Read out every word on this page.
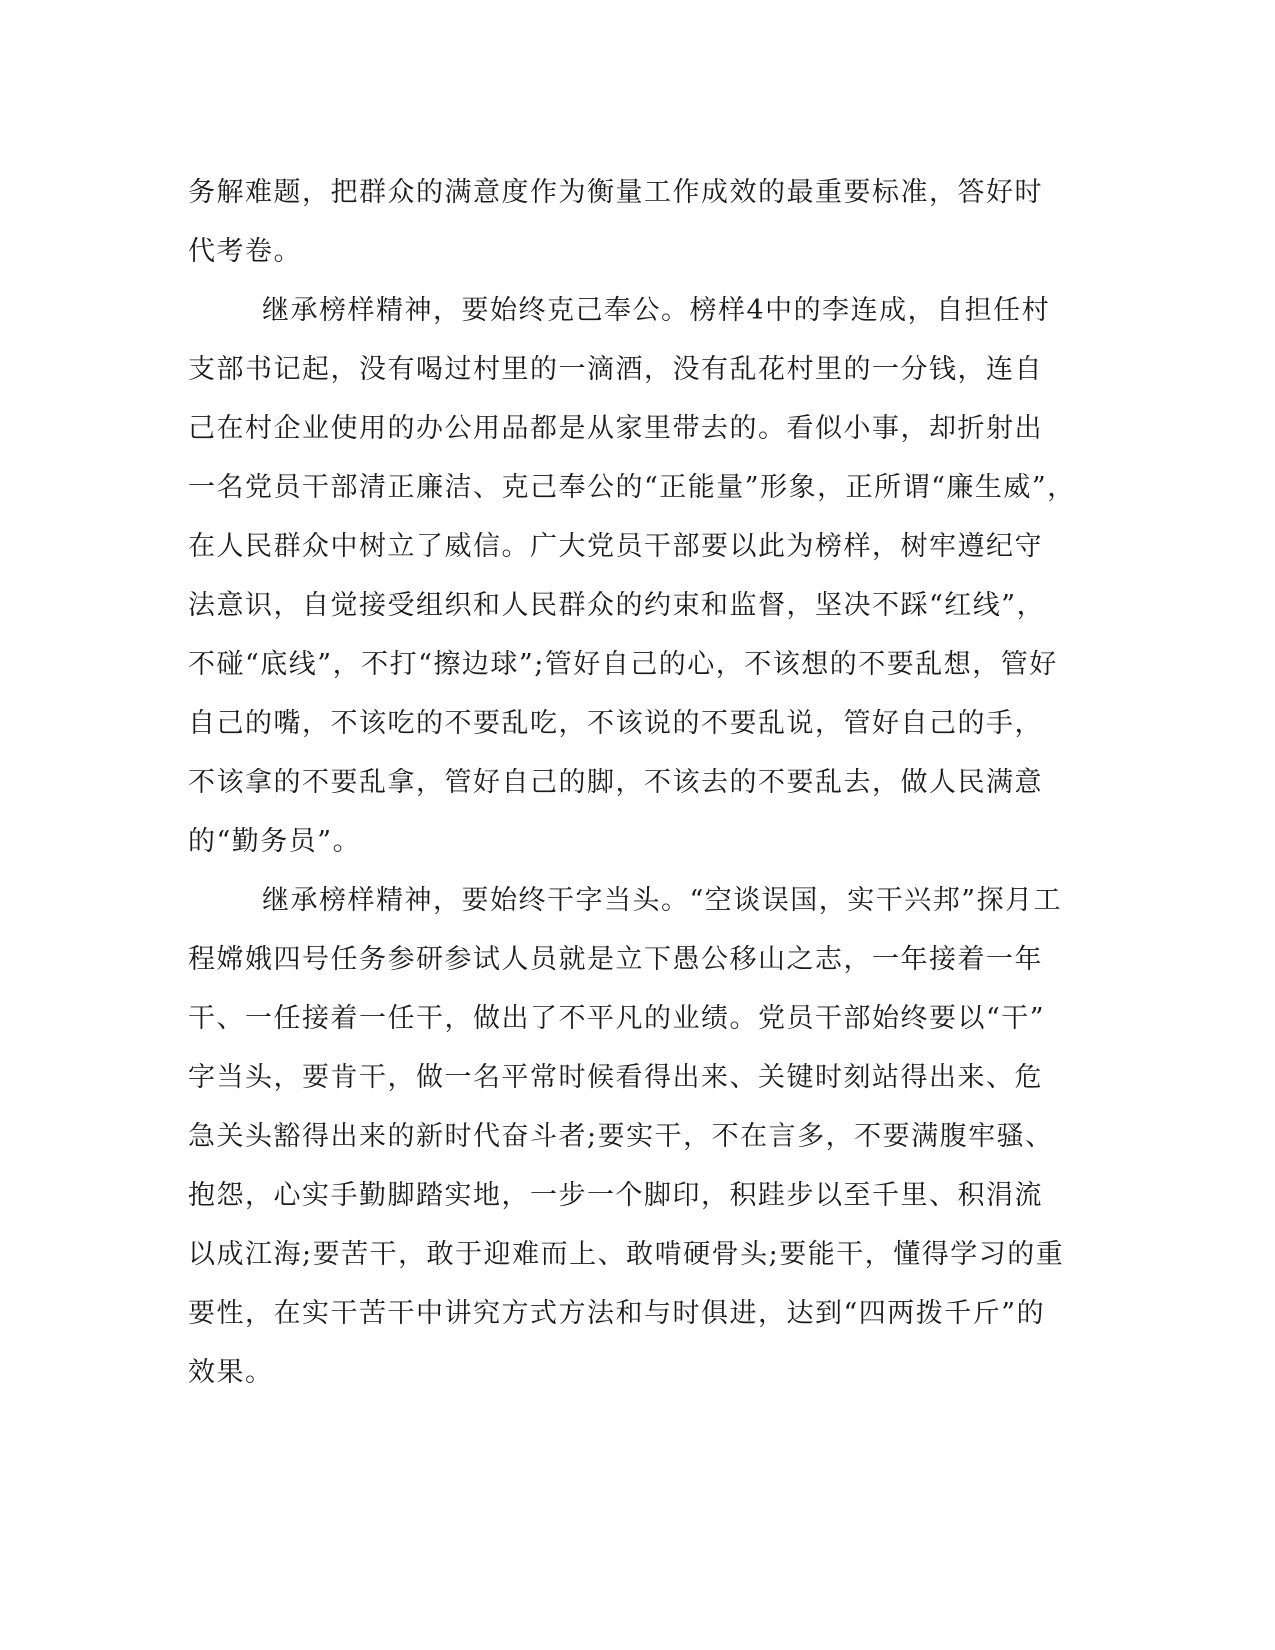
务解难题，把群众的满意度作为衡量工作成效的最重要标准，答好时
代考卷。
继承榜样精神，要始终克己奉公。榜样4中的李连成，自担任村
支部书记起，没有喝过村里的一滴酒，没有乱花村里的一分钱，连自
己在村企业使用的办公用品都是从家里带去的。看似小事，却折射出
一名党员干部清正廉洁、克己奉公的“正能量”形象，正所谓“廉生威”，
在人民群众中树立了威信。广大党员干部要以此为榜样，树牢遵纪守
法意识，自觉接受组织和人民群众的约束和监督，坚决不踩“红线”，
不碰“底线”，不打“擦边球”;管好自己的心，不该想的不要乱想，管好
自己的嘴，不该吃的不要乱吃，不该说的不要乱说，管好自己的手，
不该拿的不要乱拿，管好自己的脚，不该去的不要乱去，做人民满意
的“勤务员”。
继承榜样精神，要始终干字当头。“空谈误国，实干兴邦”探月工
程嫦娥四号任务参研参试人员就是立下愚公移山之志，一年接着一年
干、一任接着一任干，做出了不平凡的业绩。党员干部始终要以“干”
字当头，要肯干，做一名平常时候看得出来、关键时刻站得出来、危
急关头豁得出来的新时代奋斗者;要实干，不在言多，不要满腹牢骚、
抱怨，心实手勤脚踏实地，一步一个脚印，积跬步以至千里、积涓流
以成江海;要苦干，敢于迎难而上、敢啃硬骨头;要能干，懂得学习的重
要性，在实干苦干中讲究方式方法和与时俱进，达到“四两拨千斤”的
效果。
